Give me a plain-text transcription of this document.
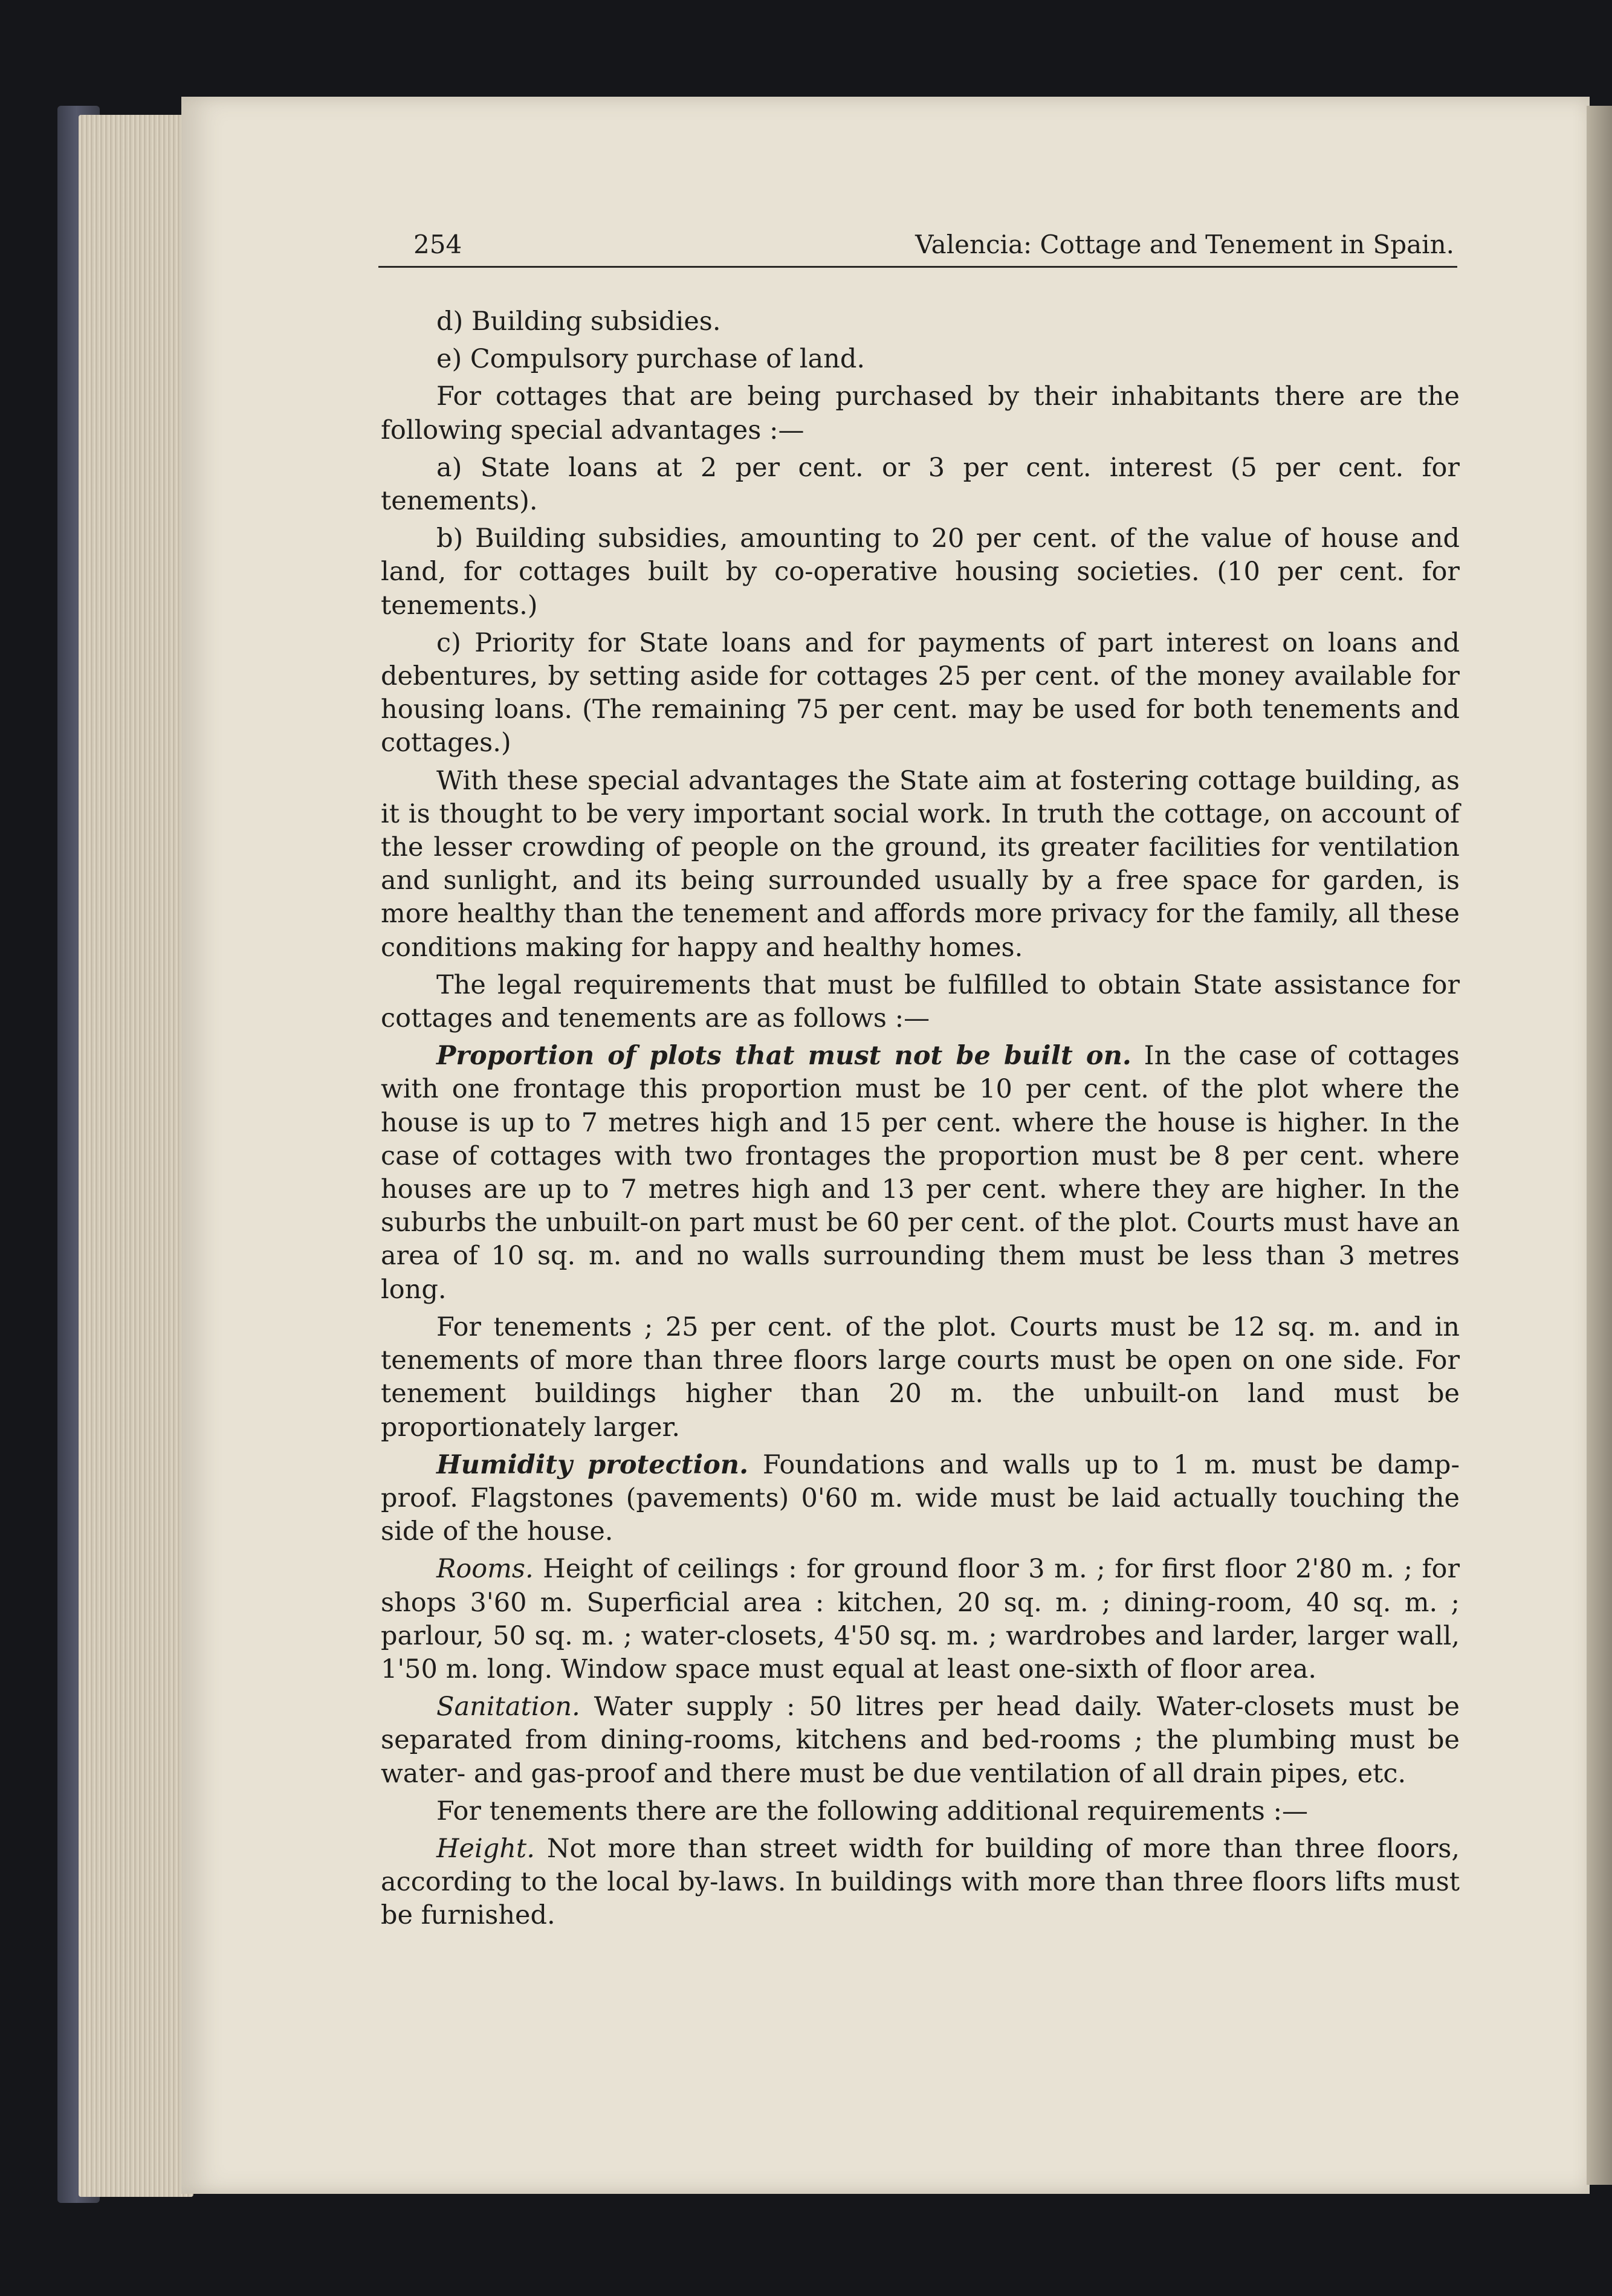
254	Valencia: Cottage and Tenement in Spain.

d) Building subsidies.

e) Compulsory purchase of land.

For cottages that are being purchased by their inhabitants there are the following special advantages :—

a) State loans at 2 per cent. or 3 per cent. interest (5 per cent. for tenements).

b) Building subsidies, amounting to 20 per cent. of the value of house and land, for cottages built by co-operative housing societies. (10 per cent. for tenements.)

c) Priority for State loans and for payments of part interest on loans and debentures, by setting aside for cottages 25 per cent. of the money available for housing loans. (The remaining 75 per cent. may be used for both tenements and cottages.)

With these special advantages the State aim at fostering cottage building, as it is thought to be very important social work. In truth the cottage, on account of the lesser crowding of people on the ground, its greater facilities for ventilation and sunlight, and its being surrounded usually by a free space for garden, is more healthy than the tenement and affords more privacy for the family, all these conditions making for happy and healthy homes.

The legal requirements that must be fulfilled to obtain State assistance for cottages and tenements are as follows :—

Proportion of plots that must not be built on. In the case of cottages with one frontage this proportion must be 10 per cent. of the plot where the house is up to 7 metres high and 15 per cent. where the house is higher. In the case of cottages with two frontages the proportion must be 8 per cent. where houses are up to 7 metres high and 13 per cent. where they are higher. In the suburbs the unbuilt-on part must be 60 per cent. of the plot. Courts must have an area of 10 sq. m. and no walls surrounding them must be less than 3 metres long.

For tenements ; 25 per cent. of the plot. Courts must be 12 sq. m. and in tenements of more than three floors large courts must be open on one side. For tenement buildings higher than 20 m. the unbuilt-on land must be proportionately larger.

Humidity protection. Foundations and walls up to 1 m. must be damp-proof. Flagstones (pavements) 0'60 m. wide must be laid actually touching the side of the house.

Rooms. Height of ceilings : for ground floor 3 m. ; for first floor 2'80 m. ; for shops 3'60 m. Superficial area : kitchen, 20 sq. m. ; dining-room, 40 sq. m. ; parlour, 50 sq. m. ; water-closets, 4'50 sq. m. ; wardrobes and larder, larger wall, 1'50 m. long. Window space must equal at least one-sixth of floor area.

Sanitation. Water supply : 50 litres per head daily. Water-closets must be separated from dining-rooms, kitchens and bed-rooms ; the plumbing must be water- and gas-proof and there must be due ventilation of all drain pipes, etc.

For tenements there are the following additional requirements :—

Height. Not more than street width for building of more than three floors, according to the local by-laws. In buildings with more than three floors lifts must be furnished.
